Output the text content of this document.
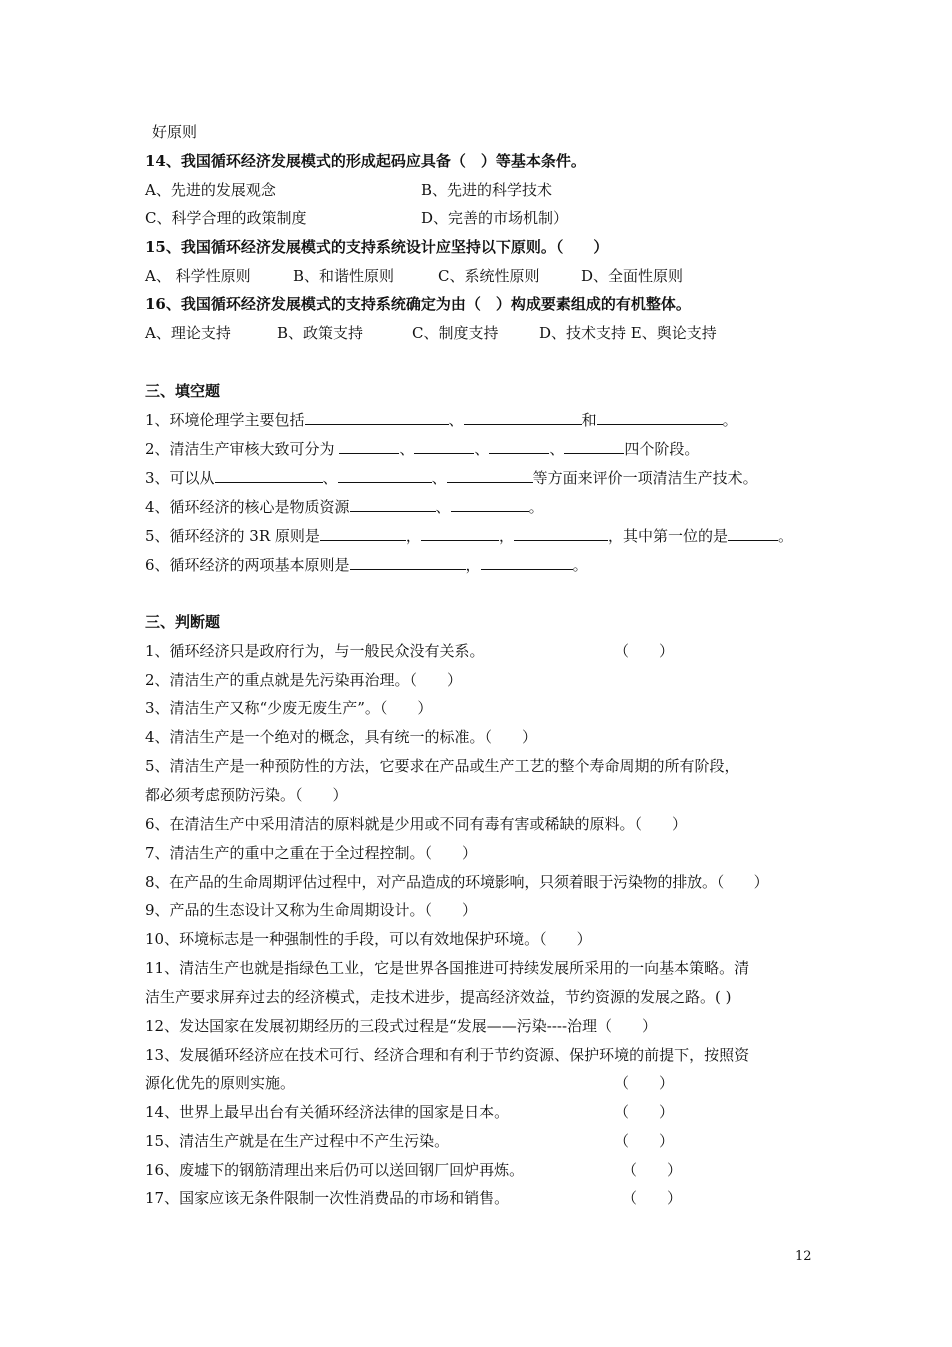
好原则
14、我国循环经济发展模式的形成起码应具备（　）等基本条件。
A、先进的发展观念	B、先进的科学技术
C、科学合理的政策制度	D、完善的市场机制）
15、我国循环经济发展模式的支持系统设计应坚持以下原则。（　　）
A、 科学性原则	B、和谐性原则	C、系统性原则	D、全面性原则
16、我国循环经济发展模式的支持系统确定为由（　）构成要素组成的有机整体。
A、理论支持	B、政策支持	C、制度支持	D、技术支持 E、舆论支持
三、填空题
1、环境伦理学主要包括	、	和	。
2、清洁生产审核大致可分为	、	、	、	四个阶段。
3、可以从	、	、	等方面来评价一项清洁生产技术。
4、循环经济的核心是物质资源	、	。
5、循环经济的 3R 原则是	，	，	，其中第一位的是	。
6、循环经济的两项基本原则是	，	。
三、判断题
1、循环经济只是政府行为，与一般民众没有关系。	（　　）
2、清洁生产的重点就是先污染再治理。（　　）
3、清洁生产又称“少废无废生产”。（　　）
4、清洁生产是一个绝对的概念，具有统一的标准。（　　）
5、清洁生产是一种预防性的方法，它要求在产品或生产工艺的整个寿命周期的所有阶段，
都必须考虑预防污染。（　　）
6、在清洁生产中采用清洁的原料就是少用或不同有毒有害或稀缺的原料。（　　）
7、清洁生产的重中之重在于全过程控制。（　　）
8、在产品的生命周期评估过程中，对产品造成的环境影响，只须着眼于污染物的排放。（　　）
9、产品的生态设计又称为生命周期设计。（　　）
10、环境标志是一种强制性的手段，可以有效地保护环境。（　　）
11、清洁生产也就是指绿色工业，它是世界各国推进可持续发展所采用的一向基本策略。清
洁生产要求屏弃过去的经济模式，走技术进步，提高经济效益，节约资源的发展之路。( )
12、发达国家在发展初期经历的三段式过程是“发展——污染----治理（　　）
13、发展循环经济应在技术可行、经济合理和有利于节约资源、保护环境的前提下，按照资
源化优先的原则实施。	（　　）
14、世界上最早出台有关循环经济法律的国家是日本。	（　　）
15、清洁生产就是在生产过程中不产生污染。	（　　）
16、废墟下的钢筋清理出来后仍可以送回钢厂回炉再炼。	（　　）
17、国家应该无条件限制一次性消费品的市场和销售。	（　　）
12
